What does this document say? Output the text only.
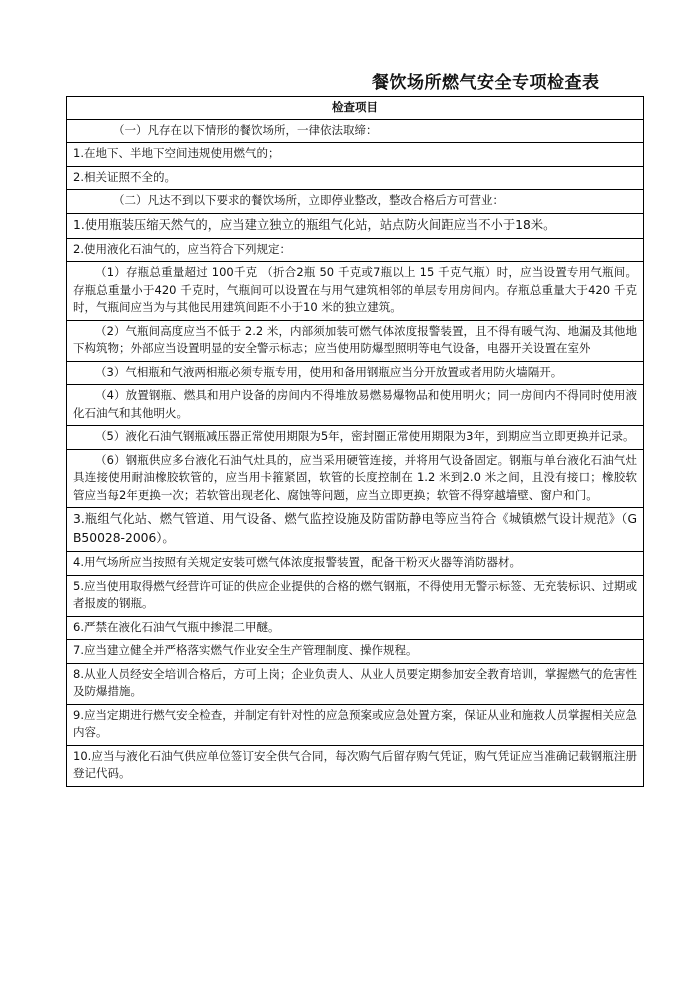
餐饮场所燃气安全专项检查表
检查项目
（一）凡存在以下情形的餐饮场所，一律依法取缔：
1.在地下、半地下空间违规使用燃气的；
2.相关证照不全的。
（二）凡达不到以下要求的餐饮场所，立即停业整改，整改合格后方可营业：
1.使用瓶装压缩天然气的，应当建立独立的瓶组气化站，站点防火间距应当不小于18米。
2.使用液化石油气的，应当符合下列规定：
（1）存瓶总重量超过 100千克 （折合2瓶 50 千克或7瓶以上 15 千克气瓶）时，应当设置专用气瓶间。存瓶总重量小于420 千克时，气瓶间可以设置在与用气建筑相邻的单层专用房间内。存瓶总重量大于420 千克时，气瓶间应当为与其他民用建筑间距不小于10 米的独立建筑。
（2）气瓶间高度应当不低于 2.2 米，内部须加装可燃气体浓度报警装置，且不得有暖气沟、地漏及其他地下构筑物；外部应当设置明显的安全警示标志；应当使用防爆型照明等电气设备，电器开关设置在室外
（3）气相瓶和气液两相瓶必须专瓶专用，使用和备用钢瓶应当分开放置或者用防火墙隔开。
（4）放置钢瓶、燃具和用户设备的房间内不得堆放易燃易爆物品和使用明火；同一房间内不得同时使用液化石油气和其他明火。
（5）液化石油气钢瓶减压器正常使用期限为5年，密封圈正常使用期限为3年，到期应当立即更换并记录。
（6）钢瓶供应多台液化石油气灶具的，应当采用硬管连接，并将用气设备固定。钢瓶与单台液化石油气灶具连接使用耐油橡胶软管的，应当用卡箍紧固，软管的长度控制在 1.2 米到2.0 米之间，且没有接口；橡胶软管应当每2年更换一次；若软管出现老化、腐蚀等问题，应当立即更换；软管不得穿越墙壁、窗户和门。
3.瓶组气化站、燃气管道、用气设备、燃气监控设施及防雷防静电等应当符合《城镇燃气设计规范》（GB50028-2006）。
4.用气场所应当按照有关规定安装可燃气体浓度报警装置，配备干粉灭火器等消防器材。
5.应当使用取得燃气经营许可证的供应企业提供的合格的燃气钢瓶，不得使用无警示标签、无充装标识、过期或者报废的钢瓶。
6.严禁在液化石油气气瓶中掺混二甲醚。
7.应当建立健全并严格落实燃气作业安全生产管理制度、操作规程。
8.从业人员经安全培训合格后，方可上岗；企业负责人、从业人员要定期参加安全教育培训，掌握燃气的危害性及防爆措施。
9.应当定期进行燃气安全检查，并制定有针对性的应急预案或应急处置方案，保证从业和施救人员掌握相关应急内容。
10.应当与液化石油气供应单位签订安全供气合同，每次购气后留存购气凭证，购气凭证应当准确记载钢瓶注册登记代码。
